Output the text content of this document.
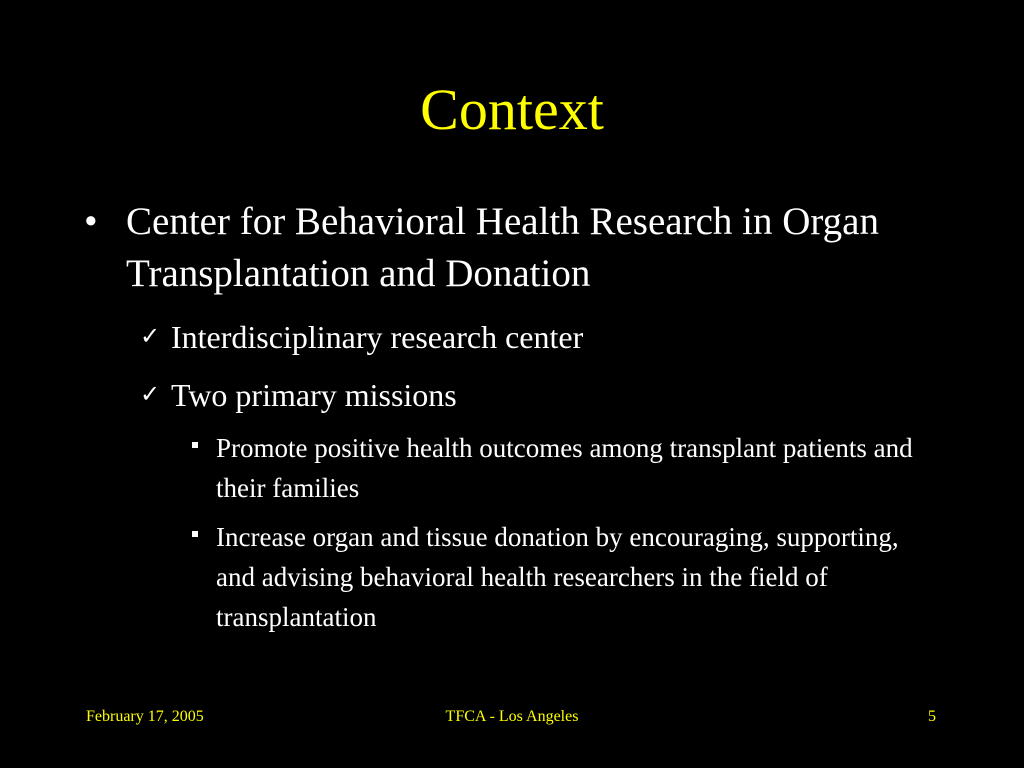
Context
• Center for Behavioral Health Research in Organ Transplantation and Donation
✓ Interdisciplinary research center
✓ Two primary missions
Promote positive health outcomes among transplant patients and their families
Increase organ and tissue donation by encouraging, supporting, and advising behavioral health researchers in the field of transplantation
February 17, 2005	TFCA - Los Angeles	5
